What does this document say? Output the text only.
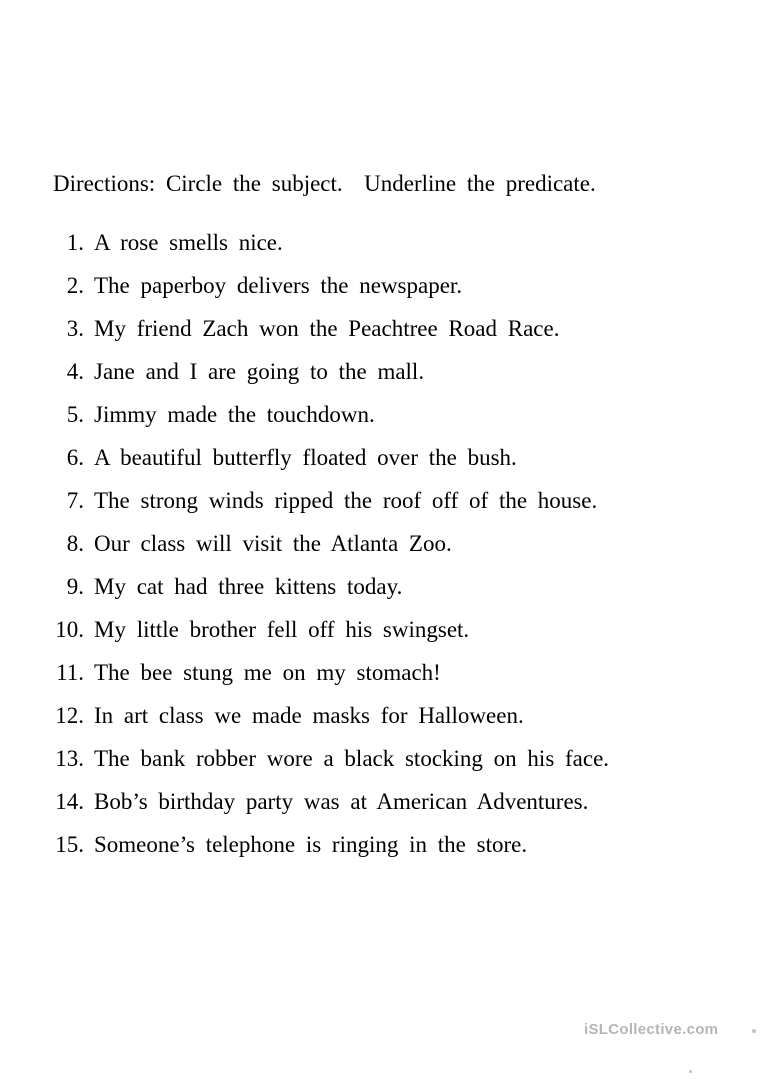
Directions: Circle the subject.  Underline the predicate.
1. A rose smells nice.
2. The paperboy delivers the newspaper.
3. My friend Zach won the Peachtree Road Race.
4. Jane and I are going to the mall.
5. Jimmy made the touchdown.
6. A beautiful butterfly floated over the bush.
7. The strong winds ripped the roof off of the house.
8. Our class will visit the Atlanta Zoo.
9. My cat had three kittens today.
10. My little brother fell off his swingset.
11. The bee stung me on my stomach!
12. In art class we made masks for Halloween.
13. The bank robber wore a black stocking on his face.
14. Bob’s birthday party was at American Adventures.
15. Someone’s telephone is ringing in the store.
iSLCollective.com
